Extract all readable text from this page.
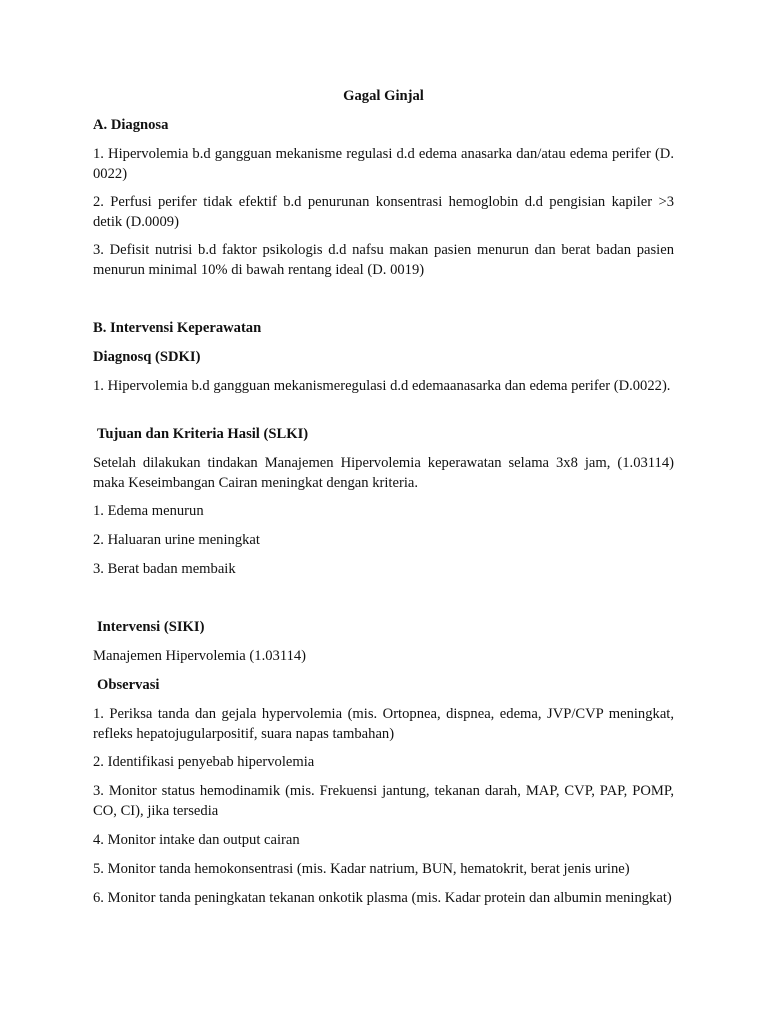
Gagal Ginjal

A. Diagnosa

1. Hipervolemia b.d gangguan mekanisme regulasi d.d edema anasarka dan/atau edema perifer (D. 0022)

2. Perfusi perifer tidak efektif b.d penurunan konsentrasi hemoglobin d.d pengisian kapiler >3 detik (D.0009)

3. Defisit nutrisi b.d faktor psikologis d.d nafsu makan pasien menurun dan berat badan pasien menurun minimal 10% di bawah rentang ideal (D. 0019)

B. Intervensi Keperawatan

Diagnosq (SDKI)

1. Hipervolemia b.d gangguan mekanismeregulasi d.d edemaanasarka dan edema perifer (D.0022).

Tujuan dan Kriteria Hasil (SLKI)

Setelah dilakukan tindakan Manajemen Hipervolemia keperawatan selama 3x8 jam, (1.03114) maka Keseimbangan Cairan meningkat dengan kriteria.

1. Edema menurun

2. Haluaran urine meningkat

3. Berat badan membaik

Intervensi (SIKI)

Manajemen Hipervolemia (1.03114)

Observasi

1. Periksa tanda dan gejala hypervolemia (mis. Ortopnea, dispnea, edema, JVP/CVP meningkat, refleks hepatojugularpositif, suara napas tambahan)

2. Identifikasi penyebab hipervolemia

3. Monitor status hemodinamik (mis. Frekuensi jantung, tekanan darah, MAP, CVP, PAP, POMP, CO, CI), jika tersedia

4. Monitor intake dan output cairan

5. Monitor tanda hemokonsentrasi (mis. Kadar natrium, BUN, hematokrit, berat jenis urine)

6. Monitor tanda peningkatan tekanan onkotik plasma (mis. Kadar protein dan albumin meningkat)
